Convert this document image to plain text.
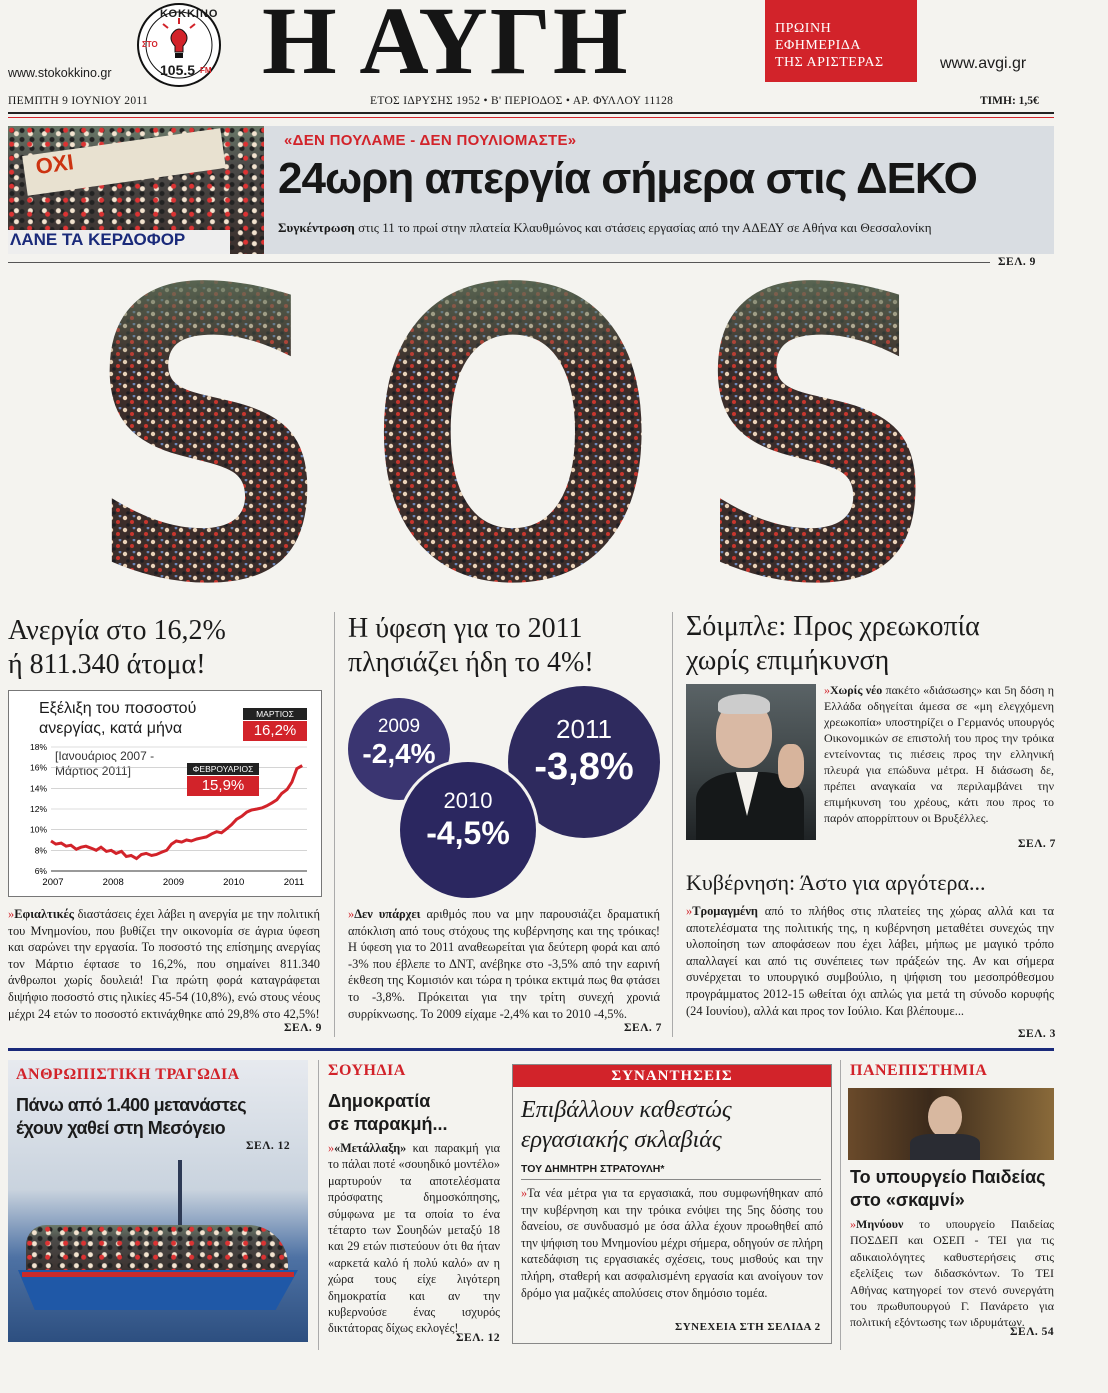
www.stokokkino.gr
ΚΟΚΚΙΝΟ
ΣΤΟ
105.5 FM Η ΑΥΓΗ	ΠΡΩΙΝΗ
ΕΦΗΜΕΡΙΔΑ
ΤΗΣ ΑΡΙΣΤΕΡΑΣ	www.avgi.gr
ΠΕΜΠΤΗ 9 ΙΟΥΝΙΟΥ 2011	ΕΤΟΣ ΙΔΡΥΣΗΣ 1952 • Β' ΠΕΡΙΟΔΟΣ • ΑΡ. ΦΥΛΛΟΥ 11128	ΤΙΜΗ: 1,5€
ΟΧΙ
ΛΑΝΕ ΤΑ ΚΕΡΔΟΦΟΡ
«ΔΕΝ ΠΟΥΛΑΜΕ - ΔΕΝ ΠΟΥΛΙΟΜΑΣΤΕ»
24ωρη απεργία σήμερα στις ΔΕΚΟ
Συγκέντρωση στις 11 το πρωί στην πλατεία Κλαυθμώνος και στάσεις εργασίας από την ΑΔΕΔΥ σε Αθήνα και Θεσσαλονίκη
ΣΕΛ. 9
Ανεργία στο 16,2%
ή 811.340 άτομα!
Εξέλιξη του ποσοστού ανεργίας, κατά μήνα
[Ιανουάριος 2007 - Μάρτιος 2011]
18%
16%
14%
12%
10%
8%
6%
2007	2008	2009	2010	2011
ΜΑΡΤΙΟΣ
16,2%
ΦΕΒΡΟΥΑΡΙΟΣ
15,9%
»Εφιαλτικές διαστάσεις έχει λάβει η ανεργία με την πολιτική του Μνημονίου, που βυθίζει την οικονομία σε άγρια ύφεση και σαρώνει την εργασία. Το ποσοστό της επίσημης ανεργίας τον Μάρτιο έφτασε το 16,2%, που σημαίνει 811.340 άνθρωποι χωρίς δουλειά! Για πρώτη φορά καταγράφεται διψήφιο ποσοστό στις ηλικίες 45-54 (10,8%), ενώ στους νέους μέχρι 24 ετών το ποσοστό εκτινάχθηκε από 29,8% στο 42,5%!
ΣΕΛ. 9
Η ύφεση για το 2011
πλησιάζει ήδη το 4%!
2009
-2,4%
2011
-3,8%
2010
-4,5%
»Δεν υπάρχει αριθμός που να μην παρουσιάζει δραματική απόκλιση από τους στόχους της κυβέρνησης και της τρόικας! Η ύφεση για το 2011 αναθεωρείται για δεύτερη φορά και από -3% που έβλεπε το ΔΝΤ, ανέβηκε στο -3,5% από την εαρινή έκθεση της Κομισιόν και τώρα η τρόικα εκτιμά πως θα φτάσει το -3,8%. Πρόκειται για την τρίτη συνεχή χρονιά συρρίκνωσης. Το 2009 είχαμε -2,4% και το 2010 -4,5%.
ΣΕΛ. 7
Σόιμπλε: Προς χρεωκοπία
χωρίς επιμήκυνση
»Χωρίς νέο πακέτο «διάσωσης» και 5η δόση η Ελλάδα οδηγείται άμεσα σε «μη ελεγχόμενη χρεωκοπία» υποστηρίζει ο Γερμανός υπουργός Οικονομικών σε επιστολή του προς την τρόικα εντείνοντας τις πιέσεις προς την ελληνική πλευρά για επώδυνα μέτρα. Η διάσωση δε, πρέπει αναγκαία να περιλαμβάνει την επιμήκυνση του χρέους, κάτι που προς το παρόν απορρίπτουν οι Βρυξέλλες.
ΣΕΛ. 7
Κυβέρνηση: Άστο για αργότερα...
»Τρομαγμένη από το πλήθος στις πλατείες της χώρας αλλά και τα αποτελέσματα της πολιτικής της, η κυβέρνηση μεταθέτει συνεχώς την υλοποίηση των αποφάσεων που έχει λάβει, μήπως με μαγικό τρόπο απαλλαγεί και από τις συνέπειες των πράξεών της. Αν και σήμερα συνέρχεται το υπουργικό συμβούλιο, η ψήφιση του μεσοπρόθεσμου προγράμματος 2012-15 ωθείται όχι απλώς για μετά τη σύνοδο κορυφής (24 Ιουνίου), αλλά και προς τον Ιούλιο. Και βλέπουμε...
ΣΕΛ. 3
ΑΝΘΡΩΠΙΣΤΙΚΗ ΤΡΑΓΩΔΙΑ
Πάνω από 1.400 μετανάστες
έχουν χαθεί στη Μεσόγειο
ΣΕΛ. 12
ΣΟΥΗΔΙΑ
Δημοκρατία
σε παρακμή...
»«Μετάλλαξη» και παρακμή για το πάλαι ποτέ «σουηδικό μοντέλο» μαρτυρούν τα αποτελέσματα πρόσφατης δημοσκόπησης, σύμφωνα με τα οποία το ένα τέταρτο των Σουηδών μεταξύ 18 και 29 ετών πιστεύουν ότι θα ήταν «αρκετά καλό ή πολύ καλό» αν η χώρα τους είχε λιγότερη δημοκρατία και αν την κυβερνούσε ένας ισχυρός δικτάτορας δίχως εκλογές!
ΣΕΛ. 12
ΣΥΝΑΝΤΗΣΕΙΣ
Επιβάλλουν καθεστώς
εργασιακής σκλαβιάς
ΤΟΥ ΔΗΜΗΤΡΗ ΣΤΡΑΤΟΥΛΗ*
»Τα νέα μέτρα για τα εργασιακά, που συμφωνήθηκαν από την κυβέρνηση και την τρόικα ενόψει της 5ης δόσης του δανείου, σε συνδυασμό με όσα άλλα έχουν προωθηθεί από την ψήφιση του Μνημονίου μέχρι σήμερα, οδηγούν σε πλήρη κατεδάφιση τις εργασιακές σχέσεις, τους μισθούς και την πλήρη, σταθερή και ασφαλισμένη εργασία και ανοίγουν τον δρόμο για μαζικές απολύσεις στον δημόσιο τομέα.
ΣΥΝΕΧΕΙΑ ΣΤΗ ΣΕΛΙΔΑ 2
ΠΑΝΕΠΙΣΤΗΜΙΑ
Το υπουργείο Παιδείας
στο «σκαμνί»
»Μηνύουν το υπουργείο Παιδείας ΠΟΣΔΕΠ και ΟΣΕΠ - ΤΕΙ για τις αδικαιολόγητες καθυστερήσεις στις εξελίξεις των διδασκόντων. Το ΤΕΙ Αθήνας κατηγορεί τον στενό συνεργάτη του πρωθυπουργού Γ. Πανάρετο για πολιτική εξόντωσης των ιδρυμάτων.
ΣΕΛ. 54
